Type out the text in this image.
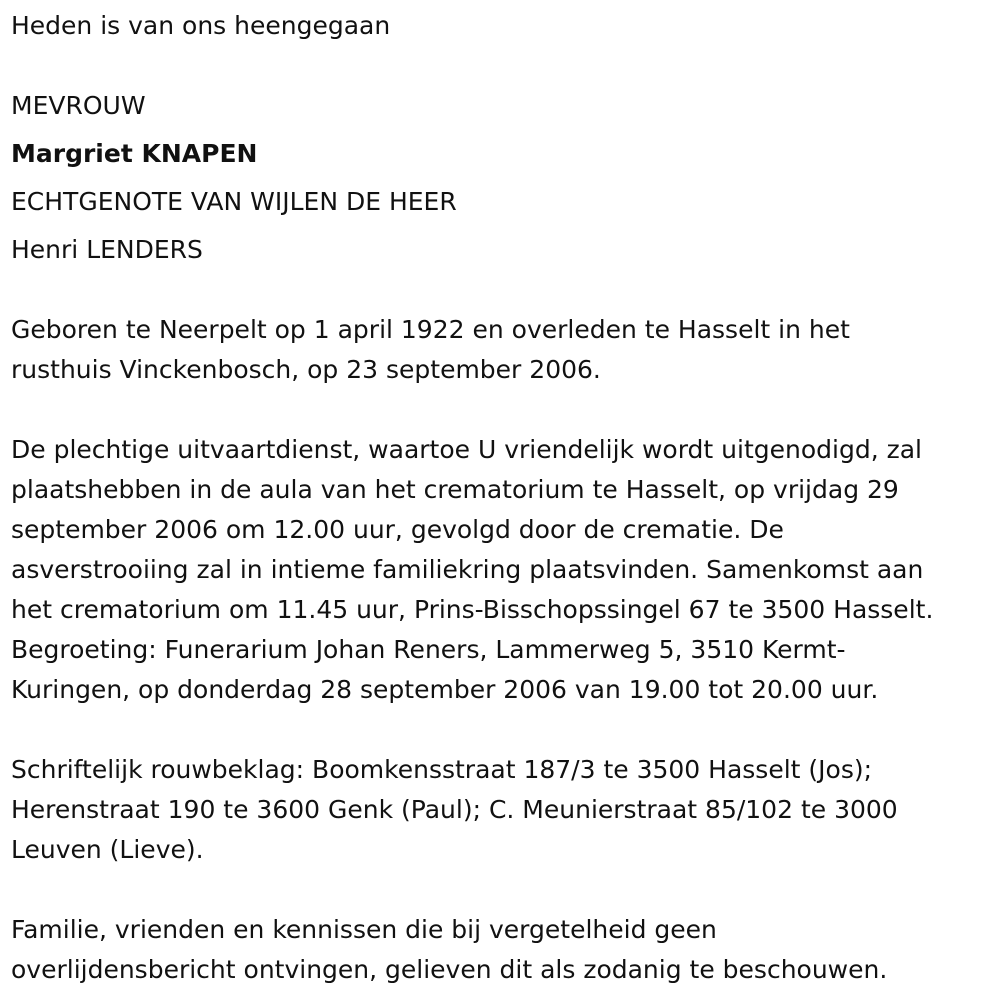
Heden is van ons heengegaan

MEVROUW

Margriet KNAPEN

ECHTGENOTE VAN WIJLEN DE HEER

Henri LENDERS

Geboren te Neerpelt op 1 april 1922 en overleden te Hasselt in het

rusthuis Vinckenbosch, op 23 september 2006.

De plechtige uitvaartdienst, waartoe U vriendelijk wordt uitgenodigd, zal

plaatshebben in de aula van het crematorium te Hasselt, op vrijdag 29

september 2006 om 12.00 uur, gevolgd door de crematie. De

asverstrooiing zal in intieme familiekring plaatsvinden. Samenkomst aan

het crematorium om 11.45 uur, Prins-Bisschopssingel 67 te 3500 Hasselt.

Begroeting: Funerarium Johan Reners, Lammerweg 5, 3510 Kermt-

Kuringen, op donderdag 28 september 2006 van 19.00 tot 20.00 uur.

Schriftelijk rouwbeklag: Boomkensstraat 187/3 te 3500 Hasselt (Jos);

Herenstraat 190 te 3600 Genk (Paul); C. Meunierstraat 85/102 te 3000

Leuven (Lieve).

Familie, vrienden en kennissen die bij vergetelheid geen

overlijdensbericht ontvingen, gelieven dit als zodanig te beschouwen.
